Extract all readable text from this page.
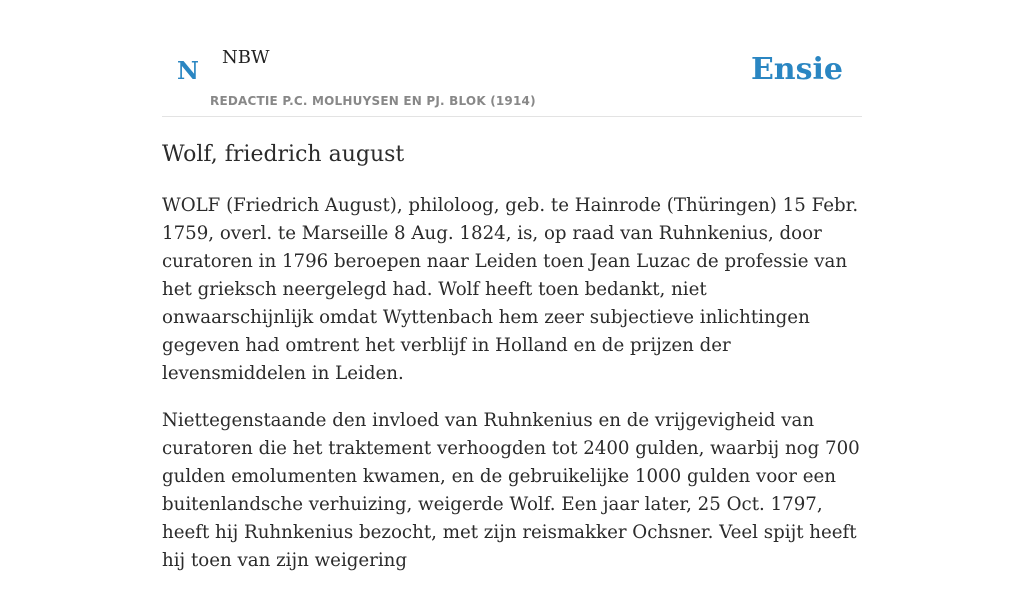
N NBW
REDACTIE P.C. MOLHUYSEN EN PJ. BLOK (1914)
Ensie
Wolf, friedrich august

WOLF (Friedrich August), philoloog, geb. te Hainrode (Thüringen) 15 Febr. 1759, overl. te Marseille 8 Aug. 1824, is, op raad van Ruhnkenius, door curatoren in 1796 beroepen naar Leiden toen Jean Luzac de professie van het grieksch neergelegd had. Wolf heeft toen bedankt, niet onwaarschijnlijk omdat Wyttenbach hem zeer subjectieve inlichtingen gegeven had omtrent het verblijf in Holland en de prijzen der levensmiddelen in Leiden.

Niettegenstaande den invloed van Ruhnkenius en de vrijgevigheid van curatoren die het traktement verhoogden tot 2400 gulden, waarbij nog 700 gulden emolumenten kwamen, en de gebruikelijke 1000 gulden voor een buitenlandsche verhuizing, weigerde Wolf. Een jaar later, 25 Oct. 1797, heeft hij Ruhnkenius bezocht, met zijn reismakker Ochsner. Veel spijt heeft hij toen van zijn weigering
